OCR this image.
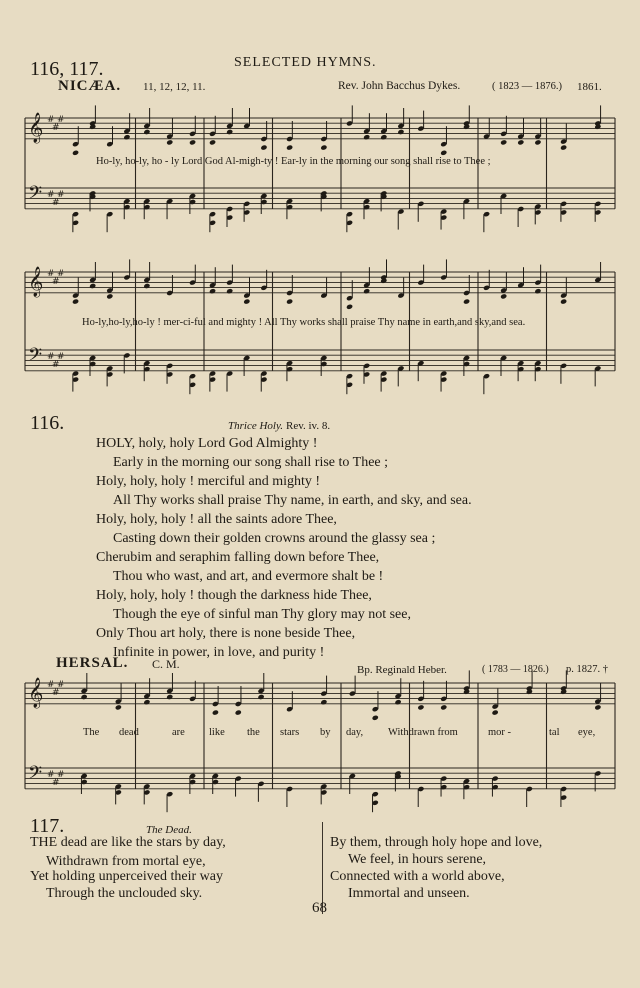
116, 117.	SELECTED HYMNS.
NICÆA. 11, 12, 12, 11.	Rev. John Bacchus Dykes.	( 1823 — 1876.) 1861.
𝄞
𝄢
#
#
#
#
#
#
𝄞
𝄢
#
#
#
#
#
#
𝄞
𝄢
#
#
#
#
#
#
Ho-ly, ho-ly, ho - ly Lord God Al-migh-ty ! Ear-ly in the morning our song shall rise to Thee ;
Ho-ly,ho-ly,ho-ly ! mer-ci-ful and mighty ! All Thy works shall praise Thy name in earth,and sky,and sea.
116.	Thrice Holy. Rev. iv. 8.
HOLY, holy, holy Lord God Almighty !
Early in the morning our song shall rise to Thee ;
Holy, holy, holy ! merciful and mighty !
All Thy works shall praise Thy name, in earth, and sky, and sea.
Holy, holy, holy ! all the saints adore Thee,
Casting down their golden crowns around the glassy sea ;
Cherubim and seraphim falling down before Thee,
Thou who wast, and art, and evermore shalt be !
Holy, holy, holy ! though the darkness hide Thee,
Though the eye of sinful man Thy glory may not see,
Only Thou art holy, there is none beside Thee,
Infinite in power, in love, and purity !
Bp. Reginald Heber.	( 1783 — 1826.) p. 1827. †
HERSAL. C. M.
The dead	are like the stars by day, Withdrawn from	mor -	tal eye,
117.	The Dead.
THE dead are like the stars by day,
Withdrawn from mortal eye,
Yet holding unperceived their way
Through the unclouded sky.
By them, through holy hope and love,
We feel, in hours serene,
Connected with a world above,
Immortal and unseen.
68
